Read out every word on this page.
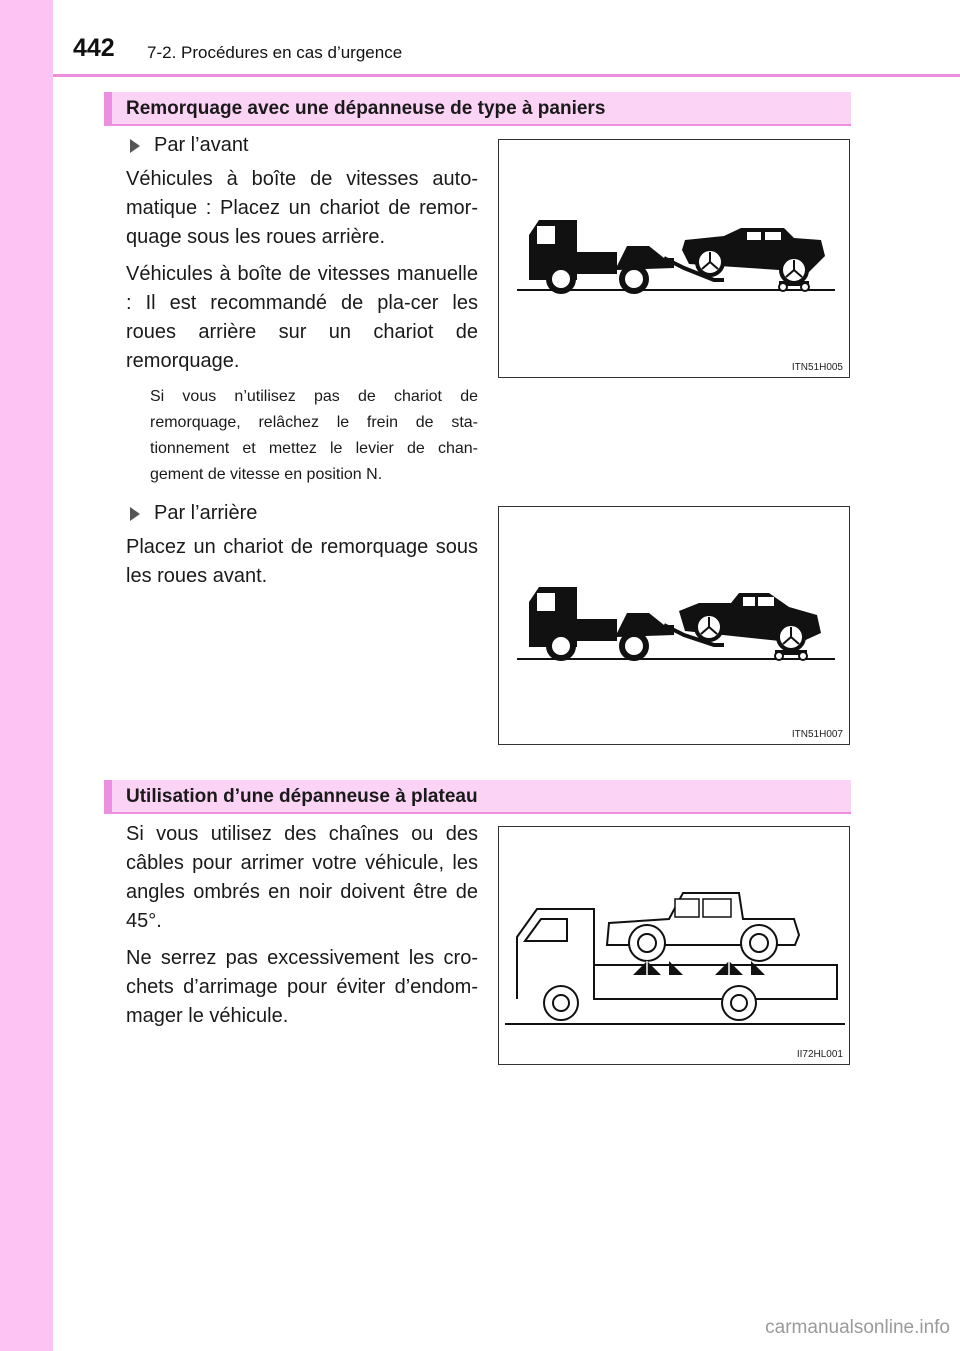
442 7-2. Procédures en cas d’urgence
Remorquage avec une dépanneuse de type à paniers
Par l’avant

Véhicules à boîte de vitesses auto-matique : Placez un chariot de remor-quage sous les roues arrière.

Véhicules à boîte de vitesses manuelle : Il est recommandé de pla-cer les roues arrière sur un chariot de remorquage.

Si vous n’utilisez pas de chariot de remorquage, relâchez le frein de sta-tionnement et mettez le levier de chan-gement de vitesse en position N.

ITN51H005
Par l’arrière

Placez un chariot de remorquage sous les roues avant.

ITN51H007
Utilisation d’une dépanneuse à plateau

Si vous utilisez des chaînes ou des câbles pour arrimer votre véhicule, les angles ombrés en noir doivent être de 45°.

Ne serrez pas excessivement les cro-chets d’arrimage pour éviter d’endom-mager le véhicule.

II72HL001
carmanualsonline.info
